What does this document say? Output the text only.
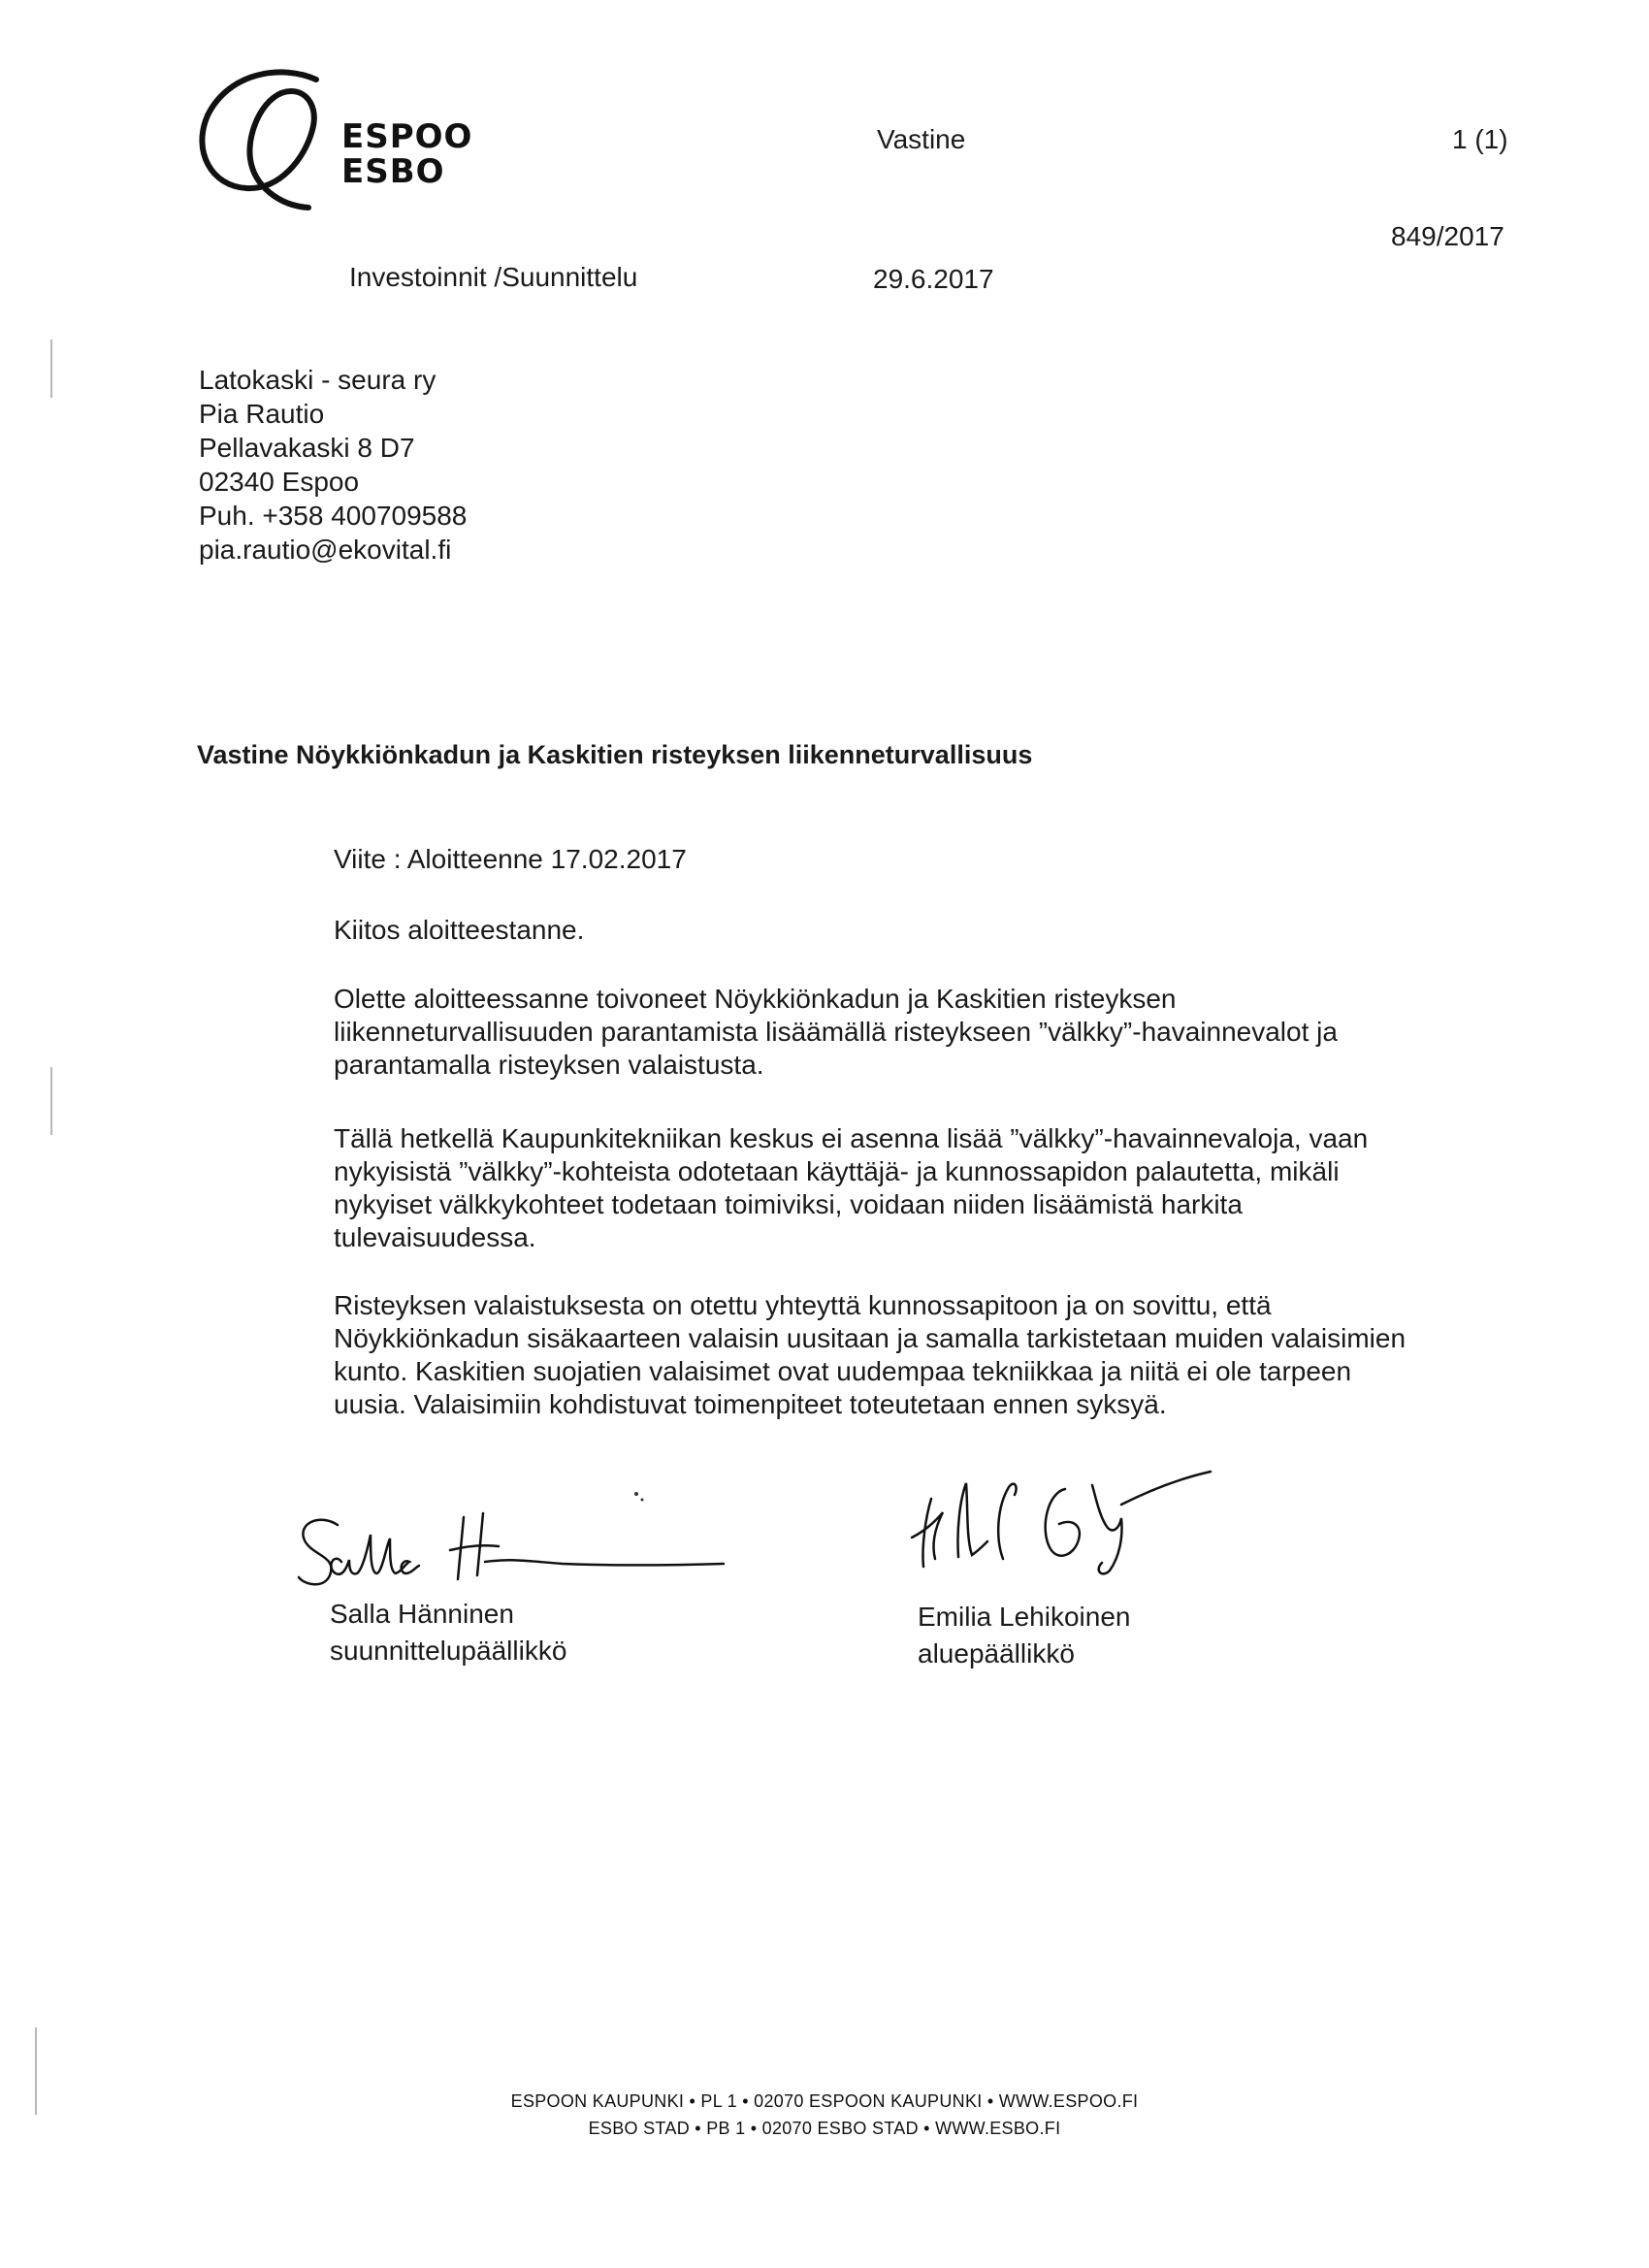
ESPOO
ESBO
Vastine	1 (1)
849/2017
Investoinnit /Suunnittelu	29.6.2017
Latokaski - seura ry
Pia Rautio
Pellavakaski 8 D7
02340 Espoo
Puh. +358 400709588
pia.rautio@ekovital.fi
Vastine Nöykkiönkadun ja Kaskitien risteyksen liikenneturvallisuus

Viite : Aloitteenne 17.02.2017

Kiitos aloitteestanne.

Olette aloitteessanne toivoneet Nöykkiönkadun ja Kaskitien risteyksen

liikenneturvallisuuden parantamista lisäämällä risteykseen ”välkky”-havainnevalot ja

parantamalla risteyksen valaistusta.

Tällä hetkellä Kaupunkitekniikan keskus ei asenna lisää ”välkky”-havainnevaloja, vaan

nykyisistä ”välkky”-kohteista odotetaan käyttäjä- ja kunnossapidon palautetta, mikäli

nykyiset välkkykohteet todetaan toimiviksi, voidaan niiden lisäämistä harkita

tulevaisuudessa.

Risteyksen valaistuksesta on otettu yhteyttä kunnossapitoon ja on sovittu, että

Nöykkiönkadun sisäkaarteen valaisin uusitaan ja samalla tarkistetaan muiden valaisimien

kunto. Kaskitien suojatien valaisimet ovat uudempaa tekniikkaa ja niitä ei ole tarpeen

uusia. Valaisimiin kohdistuvat toimenpiteet toteutetaan ennen syksyä.

Salla Hänninen
suunnittelupäällikkö
Emilia Lehikoinen
aluepäällikkö
ESPOON KAUPUNKI • PL 1 • 02070 ESPOON KAUPUNKI • WWW.ESPOO.FI
ESBO STAD • PB 1 • 02070 ESBO STAD • WWW.ESBO.FI
